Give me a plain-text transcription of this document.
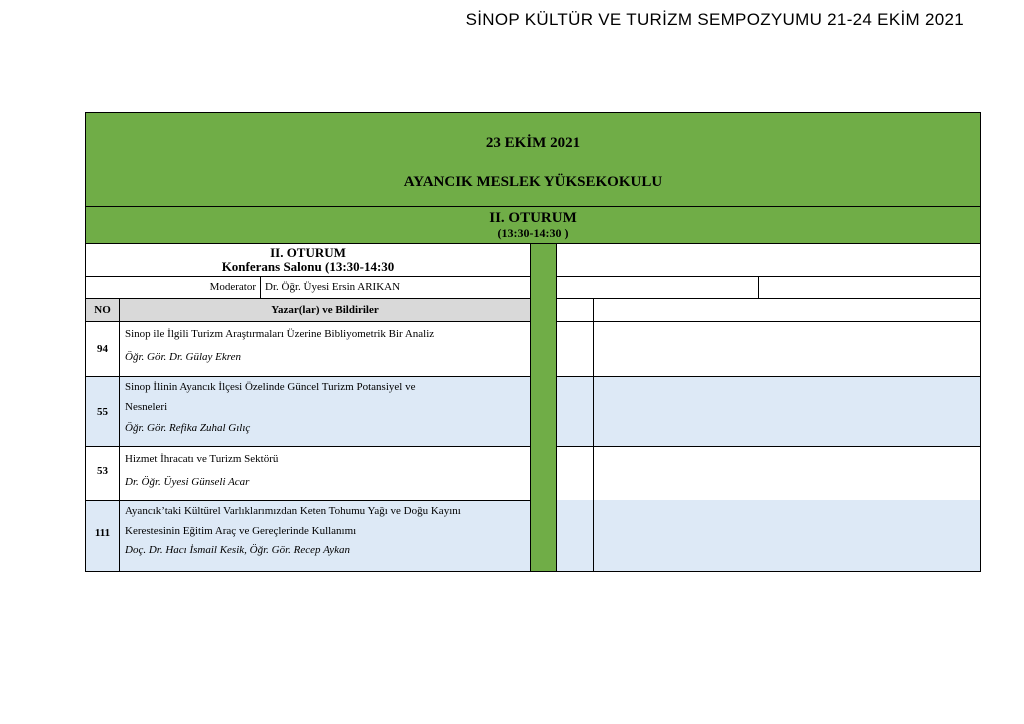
SİNOP KÜLTÜR VE TURİZM SEMPOZYUMU 21-24 EKİM 2021
23 EKİM 2021
AYANCIK MESLEK YÜKSEKOKULU
II. OTURUM
(13:30-14:30 )
II. OTURUM
Konferans Salonu (13:30-14:30
Moderator Dr. Öğr. Üyesi Ersin ARIKAN
NO	Yazar(lar) ve Bildiriler
94
Sinop ile İlgili Turizm Araştırmaları Üzerine Bibliyometrik Bir Analiz
Öğr. Gör. Dr. Gülay Ekren
55
Sinop İlinin Ayancık İlçesi Özelinde Güncel Turizm Potansiyel ve
Nesneleri
Öğr. Gör. Refika Zuhal Gılıç
53
Hizmet İhracatı ve Turizm Sektörü
Dr. Öğr. Üyesi Günseli Acar
111
Ayancık’taki Kültürel Varlıklarımızdan Keten Tohumu Yağı ve Doğu Kayını
Kerestesinin Eğitim Araç ve Gereçlerinde Kullanımı
Doç. Dr. Hacı İsmail Kesik, Öğr. Gör. Recep Aykan
